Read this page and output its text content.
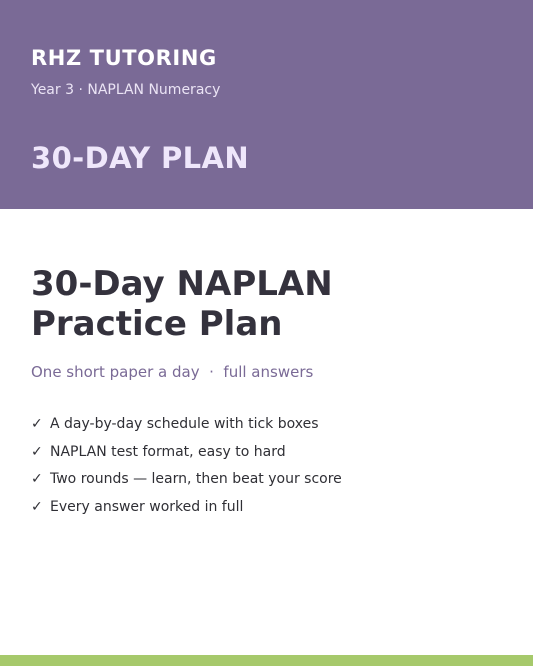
RHZ TUTORING
Year 3 · NAPLAN Numeracy
30-DAY PLAN
30-Day NAPLAN
Practice Plan
One short paper a day  ·  full answers
✓ A day-by-day schedule with tick boxes
✓ NAPLAN test format, easy to hard
✓ Two rounds — learn, then beat your score
✓ Every answer worked in full
